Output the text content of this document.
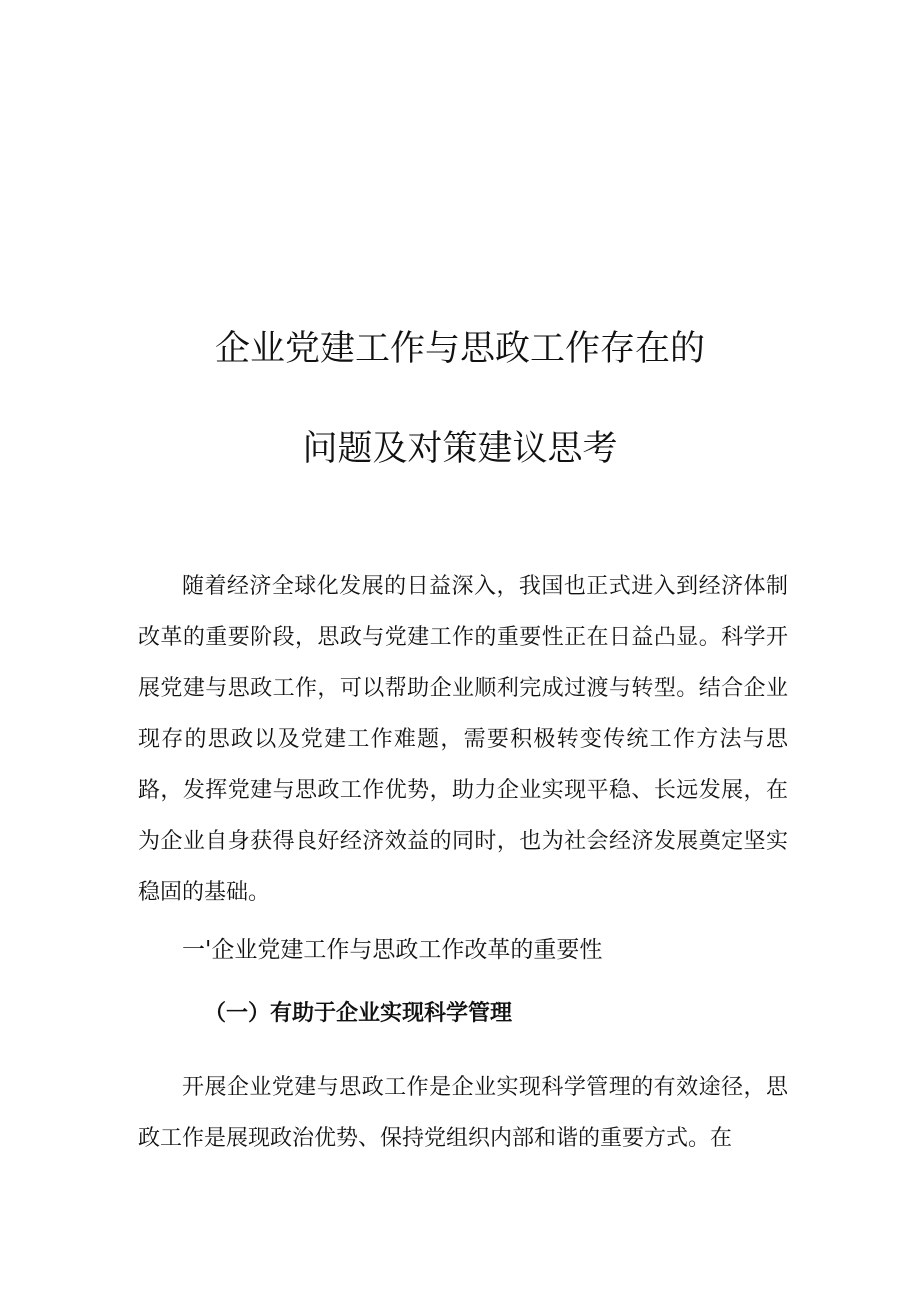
企业党建工作与思政工作存在的
问题及对策建议思考

随着经济全球化发展的日益深入，我国也正式进入到经济体制改革的重要阶段，思政与党建工作的重要性正在日益凸显。科学开展党建与思政工作，可以帮助企业顺利完成过渡与转型。结合企业现存的思政以及党建工作难题，需要积极转变传统工作方法与思路，发挥党建与思政工作优势，助力企业实现平稳、长远发展，在为企业自身获得良好经济效益的同时，也为社会经济发展奠定坚实稳固的基础。

一'企业党建工作与思政工作改革的重要性
（一）有助于企业实现科学管理

开展企业党建与思政工作是企业实现科学管理的有效途径，思政工作是展现政治优势、保持党组织内部和谐的重要方式。在
